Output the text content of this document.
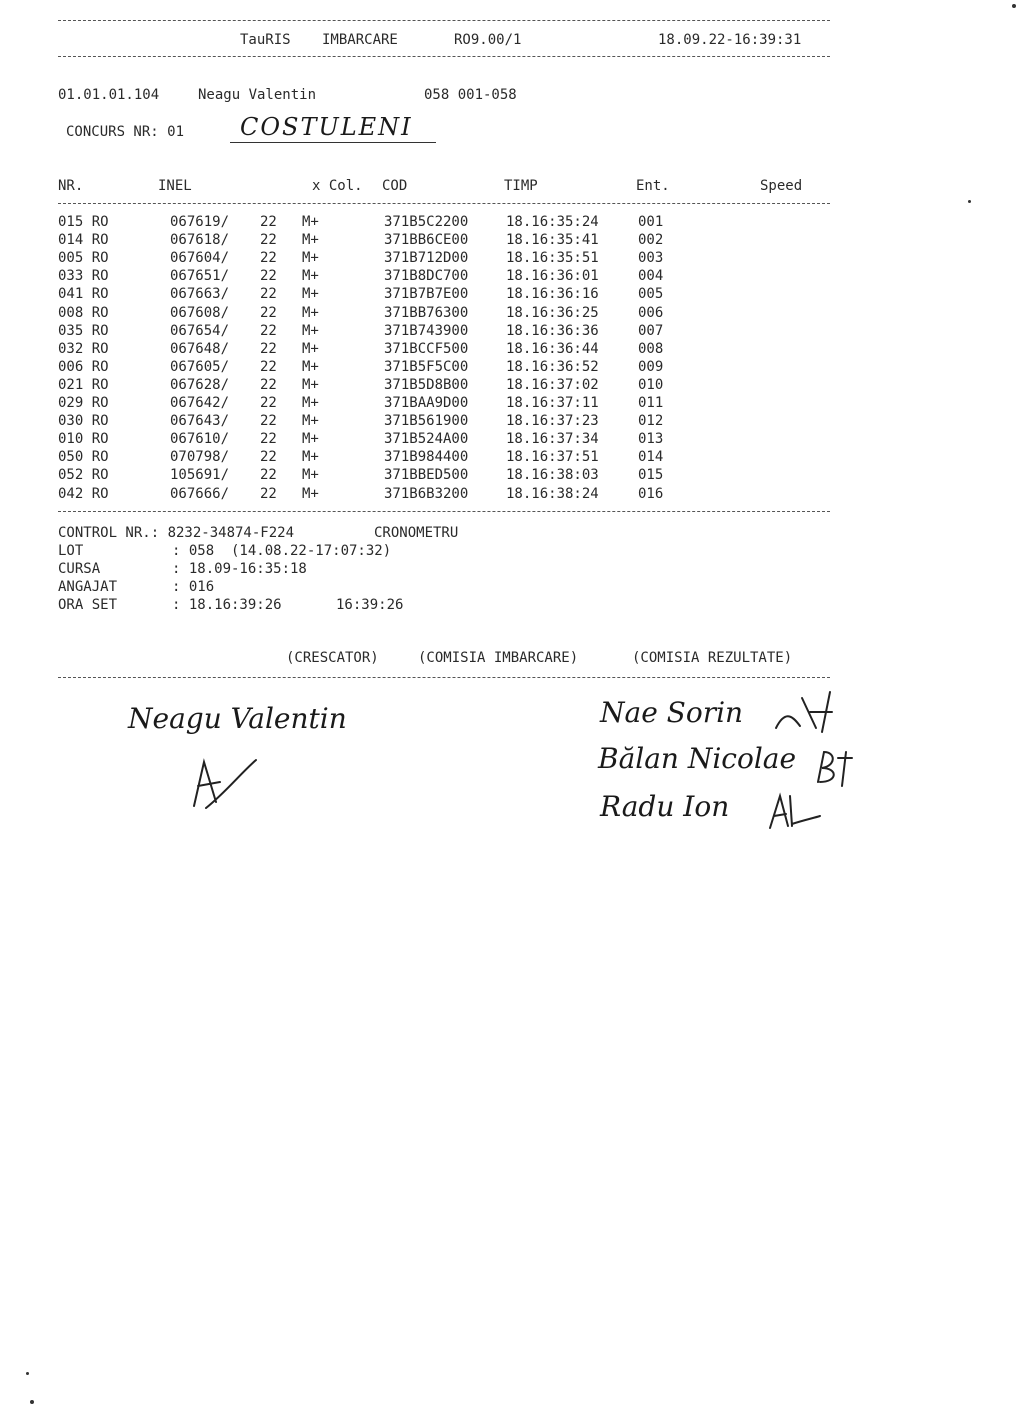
TauRIS IMBARCARE	RO9.00/1	18.09.22-16:39:31
01.01.01.104	Neagu Valentin	058 001-058
CONCURS NR: 01 COSTULENI
NR.	INEL	x Col. COD	TIMP	Ent.	Speed
015 RO	067619/ 22 M+	371B5C2200	18.16:35:24	001
014 RO	067618/ 22 M+	371BB6CE00	18.16:35:41	002
005 RO	067604/ 22 M+	371B712D00	18.16:35:51	003
033 RO	067651/ 22 M+	371B8DC700	18.16:36:01	004
041 RO	067663/ 22 M+	371B7B7E00	18.16:36:16	005
008 RO	067608/ 22 M+	371BB76300	18.16:36:25	006
035 RO	067654/ 22 M+	371B743900	18.16:36:36	007
032 RO	067648/ 22 M+	371BCCF500	18.16:36:44	008
006 RO	067605/ 22 M+	371B5F5C00	18.16:36:52	009
021 RO	067628/ 22 M+	371B5D8B00	18.16:37:02	010
029 RO	067642/ 22 M+	371BAA9D00	18.16:37:11	011
030 RO	067643/ 22 M+	371B561900	18.16:37:23	012
010 RO	067610/ 22 M+	371B524A00	18.16:37:34	013
050 RO	070798/ 22 M+	371B984400	18.16:37:51	014
052 RO	105691/ 22 M+	371BBED500	18.16:38:03	015
042 RO	067666/ 22 M+	371B6B3200	18.16:38:24	016
CONTROL NR.: 8232-34874-F224	CRONOMETRU
LOT	: 058  (14.08.22-17:07:32)
CURSA	: 18.09-16:35:18
ANGAJAT	: 016
ORA SET	: 18.16:39:26	16:39:26
(CRESCATOR)	(COMISIA IMBARCARE)	(COMISIA REZULTATE)
Neagu Valentin	Nae Sorin
Bălan Nicolae
Radu Ion
